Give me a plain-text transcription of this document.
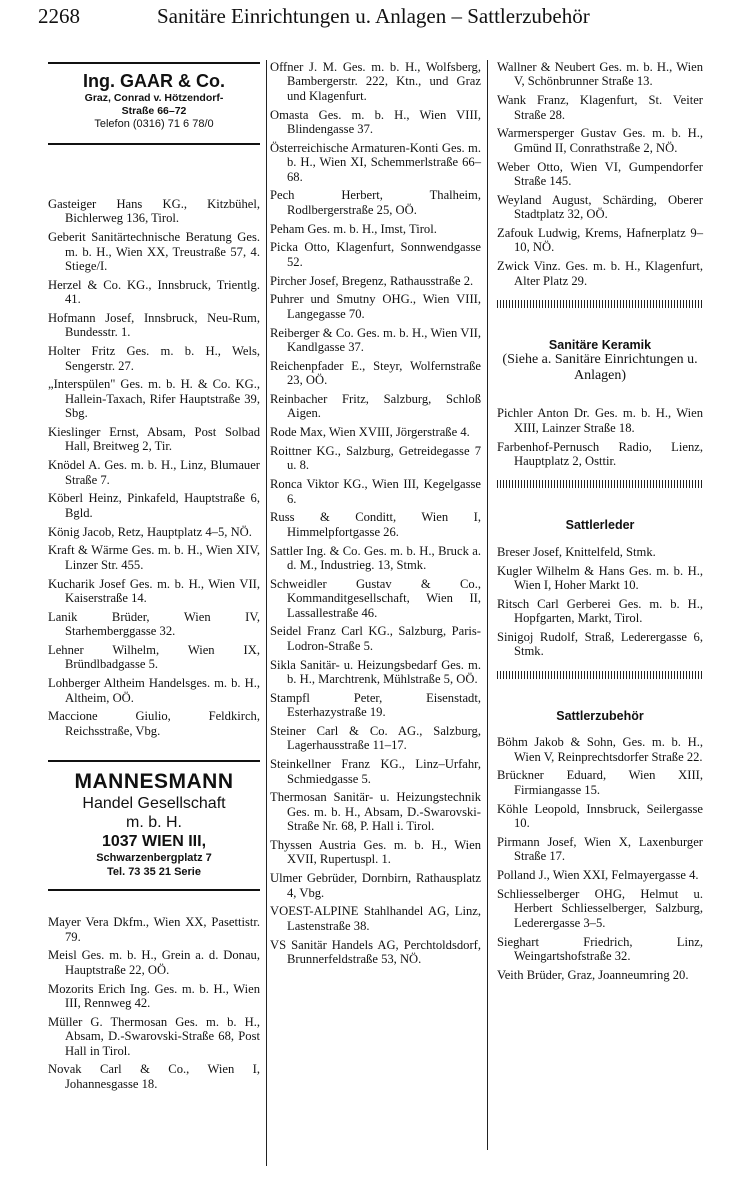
2268	Sanitäre Einrichtungen u. Anlagen – Sattlerzubehör
Ing. GAAR & Co.
Graz, Conrad v. Hötzendorf-
Straße 66–72
Telefon (0316) 71 6 78/0
Gasteiger Hans KG., Kitzbühel, Bichlerweg 136, Tirol.
Geberit Sanitärtechnische Beratung Ges. m. b. H., Wien XX, Treustraße 57, 4. Stiege/I.
Herzel & Co. KG., Innsbruck, Trientlg. 41.
Hofmann Josef, Innsbruck, Neu-Rum, Bundesstr. 1.
Holter Fritz Ges. m. b. H., Wels, Sengerstr. 27.
„Interspülen" Ges. m. b. H. & Co. KG., Hallein-Taxach, Rifer Hauptstraße 39, Sbg.
Kieslinger Ernst, Absam, Post Solbad Hall, Breitweg 2, Tir.
Knödel A. Ges. m. b. H., Linz, Blumauer Straße 7.
Köberl Heinz, Pinkafeld, Hauptstraße 6, Bgld.
König Jacob, Retz, Hauptplatz 4–5, NÖ.
Kraft & Wärme Ges. m. b. H., Wien XIV, Linzer Str. 455.
Kucharik Josef Ges. m. b. H., Wien VII, Kaiserstraße 14.
Lanik Brüder, Wien IV, Starhemberggasse 32.
Lehner Wilhelm, Wien IX, Bründlbadgasse 5.
Lohberger Altheim Handelsges. m. b. H., Altheim, OÖ.
Maccione Giulio, Feldkirch, Reichsstraße, Vbg.
MANNESMANN
Handel Gesellschaft
m. b. H.
1037 WIEN III,
Schwarzenbergplatz 7
Tel. 73 35 21 Serie
Mayer Vera Dkfm., Wien XX, Pasettistr. 79.
Meisl Ges. m. b. H., Grein a. d. Donau, Hauptstraße 22, OÖ.
Mozorits Erich Ing. Ges. m. b. H., Wien III, Rennweg 42.
Müller G. Thermosan Ges. m. b. H., Absam, D.-Swarovski-Straße 68, Post Hall in Tirol.
Novak Carl & Co., Wien I, Johannesgasse 18.
Offner J. M. Ges. m. b. H., Wolfsberg, Bambergerstr. 222, Ktn., und Graz und Klagenfurt.
Omasta Ges. m. b. H., Wien VIII, Blindengasse 37.
Österreichische Armaturen-Konti Ges. m. b. H., Wien XI, Schemmerlstraße 66–68.
Pech Herbert, Thalheim, Rodlbergerstraße 25, OÖ.
Peham Ges. m. b. H., Imst, Tirol.
Picka Otto, Klagenfurt, Sonnwendgasse 52.
Pircher Josef, Bregenz, Rathausstraße 2.
Puhrer und Smutny OHG., Wien VIII, Langegasse 70.
Reiberger & Co. Ges. m. b. H., Wien VII, Kandlgasse 37.
Reichenpfader E., Steyr, Wolfernstraße 23, OÖ.
Reinbacher Fritz, Salzburg, Schloß Aigen.
Rode Max, Wien XVIII, Jörgerstraße 4.
Roittner KG., Salzburg, Getreidegasse 7 u. 8.
Ronca Viktor KG., Wien III, Kegelgasse 6.
Russ & Conditt, Wien I, Himmelpfortgasse 26.
Sattler Ing. & Co. Ges. m. b. H., Bruck a. d. M., Industrieg. 13, Stmk.
Schweidler Gustav & Co., Kommanditgesellschaft, Wien II, Lassallestraße 46.
Seidel Franz Carl KG., Salzburg, Paris-Lodron-Straße 5.
Sikla Sanitär- u. Heizungsbedarf Ges. m. b. H., Marchtrenk, Mühlstraße 5, OÖ.
Stampfl Peter, Eisenstadt, Esterhazystraße 19.
Steiner Carl & Co. AG., Salzburg, Lagerhausstraße 11–17.
Steinkellner Franz KG., Linz–Urfahr, Schmiedgasse 5.
Thermosan Sanitär- u. Heizungstechnik Ges. m. b. H., Absam, D.-Swarovski-Straße Nr. 68, P. Hall i. Tirol.
Thyssen Austria Ges. m. b. H., Wien XVII, Rupertuspl. 1.
Ulmer Gebrüder, Dornbirn, Rathausplatz 4, Vbg.
VOEST-ALPINE Stahlhandel AG, Linz, Lastenstraße 38.
VS Sanitär Handels AG, Perchtoldsdorf, Brunnerfeldstraße 53, NÖ.
Wallner & Neubert Ges. m. b. H., Wien V, Schönbrunner Straße 13.
Wank Franz, Klagenfurt, St. Veiter Straße 28.
Warmersperger Gustav Ges. m. b. H., Gmünd II, Conrathstraße 2, NÖ.
Weber Otto, Wien VI, Gumpendorfer Straße 145.
Weyland August, Schärding, Oberer Stadtplatz 32, OÖ.
Zafouk Ludwig, Krems, Hafnerplatz 9–10, NÖ.
Zwick Vinz. Ges. m. b. H., Klagenfurt, Alter Platz 29.
Sanitäre Keramik
(Siehe a. Sanitäre Einrichtungen u. Anlagen)
Pichler Anton Dr. Ges. m. b. H., Wien XIII, Lainzer Straße 18.
Farbenhof-Pernusch Radio, Lienz, Hauptplatz 2, Osttir.
Sattlerleder
Breser Josef, Knittelfeld, Stmk.
Kugler Wilhelm & Hans Ges. m. b. H., Wien I, Hoher Markt 10.
Ritsch Carl Gerberei Ges. m. b. H., Hopfgarten, Markt, Tirol.
Sinigoj Rudolf, Straß, Lederergasse 6, Stmk.
Sattlerzubehör
Böhm Jakob & Sohn, Ges. m. b. H., Wien V, Reinprechtsdorfer Straße 22.
Brückner Eduard, Wien XIII, Firmiangasse 15.
Köhle Leopold, Innsbruck, Seilergasse 10.
Pirmann Josef, Wien X, Laxenburger Straße 17.
Polland J., Wien XXI, Felmayergasse 4.
Schliesselberger OHG, Helmut u. Herbert Schliesselberger, Salzburg, Lederergasse 3–5.
Sieghart Friedrich, Linz, Weingartshofstraße 32.
Veith Brüder, Graz, Joanneumring 20.
